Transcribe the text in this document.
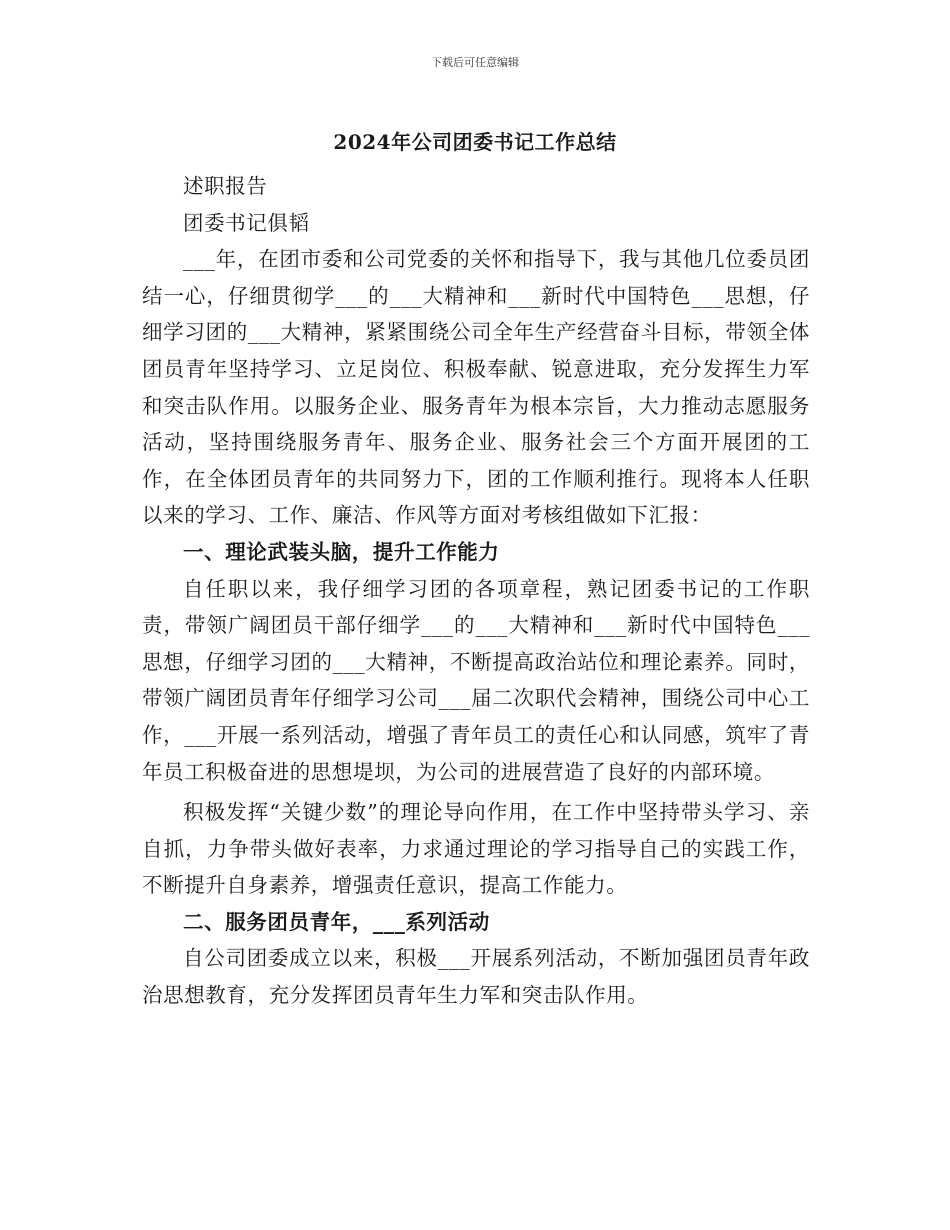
下载后可任意编辑
2024年公司团委书记工作总结

述职报告

团委书记俱韬

___年，在团市委和公司党委的关怀和指导下，我与其他几位委员团结一心，仔细贯彻学___的___大精神和___新时代中国特色___思想，仔细学习团的___大精神，紧紧围绕公司全年生产经营奋斗目标，带领全体团员青年坚持学习、立足岗位、积极奉献、锐意进取，充分发挥生力军和突击队作用。以服务企业、服务青年为根本宗旨，大力推动志愿服务活动，坚持围绕服务青年、服务企业、服务社会三个方面开展团的工作，在全体团员青年的共同努力下，团的工作顺利推行。现将本人任职以来的学习、工作、廉洁、作风等方面对考核组做如下汇报：

一、理论武装头脑，提升工作能力

自任职以来，我仔细学习团的各项章程，熟记团委书记的工作职责，带领广阔团员干部仔细学___的___大精神和___新时代中国特色___思想，仔细学习团的___大精神，不断提高政治站位和理论素养。同时，带领广阔团员青年仔细学习公司___届二次职代会精神，围绕公司中心工作，___开展一系列活动，增强了青年员工的责任心和认同感，筑牢了青年员工积极奋进的思想堤坝，为公司的进展营造了良好的内部环境。

积极发挥“关键少数”的理论导向作用，在工作中坚持带头学习、亲自抓，力争带头做好表率，力求通过理论的学习指导自己的实践工作，不断提升自身素养，增强责任意识，提高工作能力。

二、服务团员青年，___系列活动

自公司团委成立以来，积极___开展系列活动，不断加强团员青年政治思想教育，充分发挥团员青年生力军和突击队作用。
